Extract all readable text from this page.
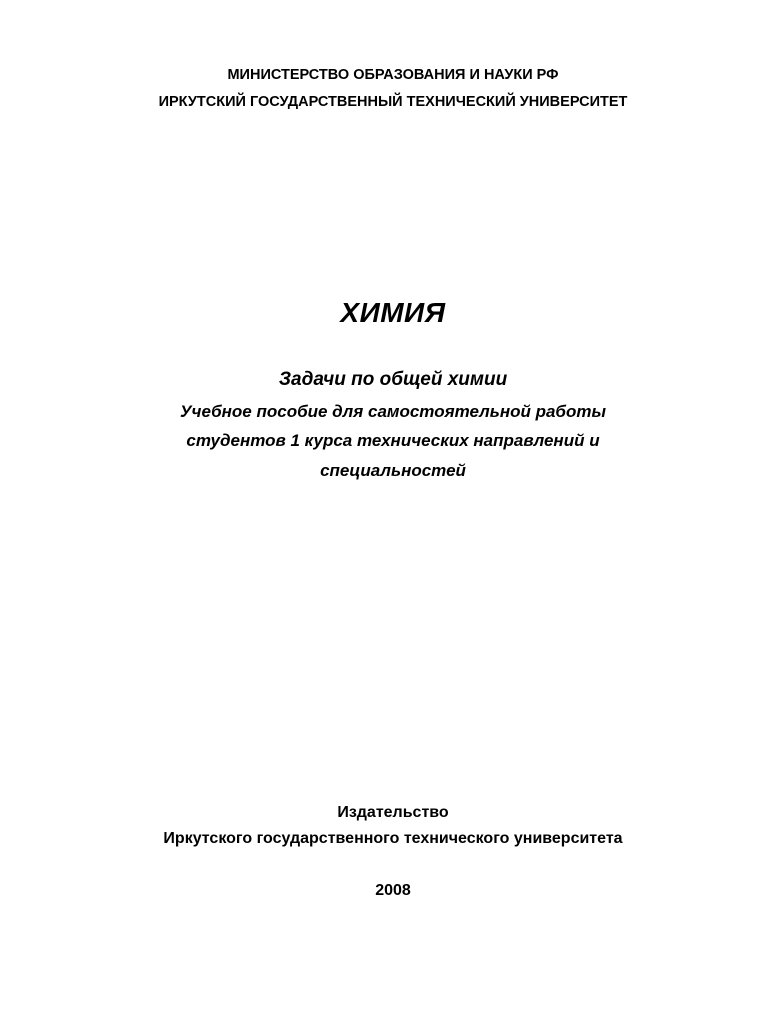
МИНИСТЕРСТВО ОБРАЗОВАНИЯ И НАУКИ РФ
ИРКУТСКИЙ ГОСУДАРСТВЕННЫЙ ТЕХНИЧЕСКИЙ УНИВЕРСИТЕТ
ХИМИЯ
Задачи по общей химии
Учебное пособие для самостоятельной работы
студентов 1 курса технических направлений и
специальностей
Издательство
Иркутского государственного технического университета
2008
